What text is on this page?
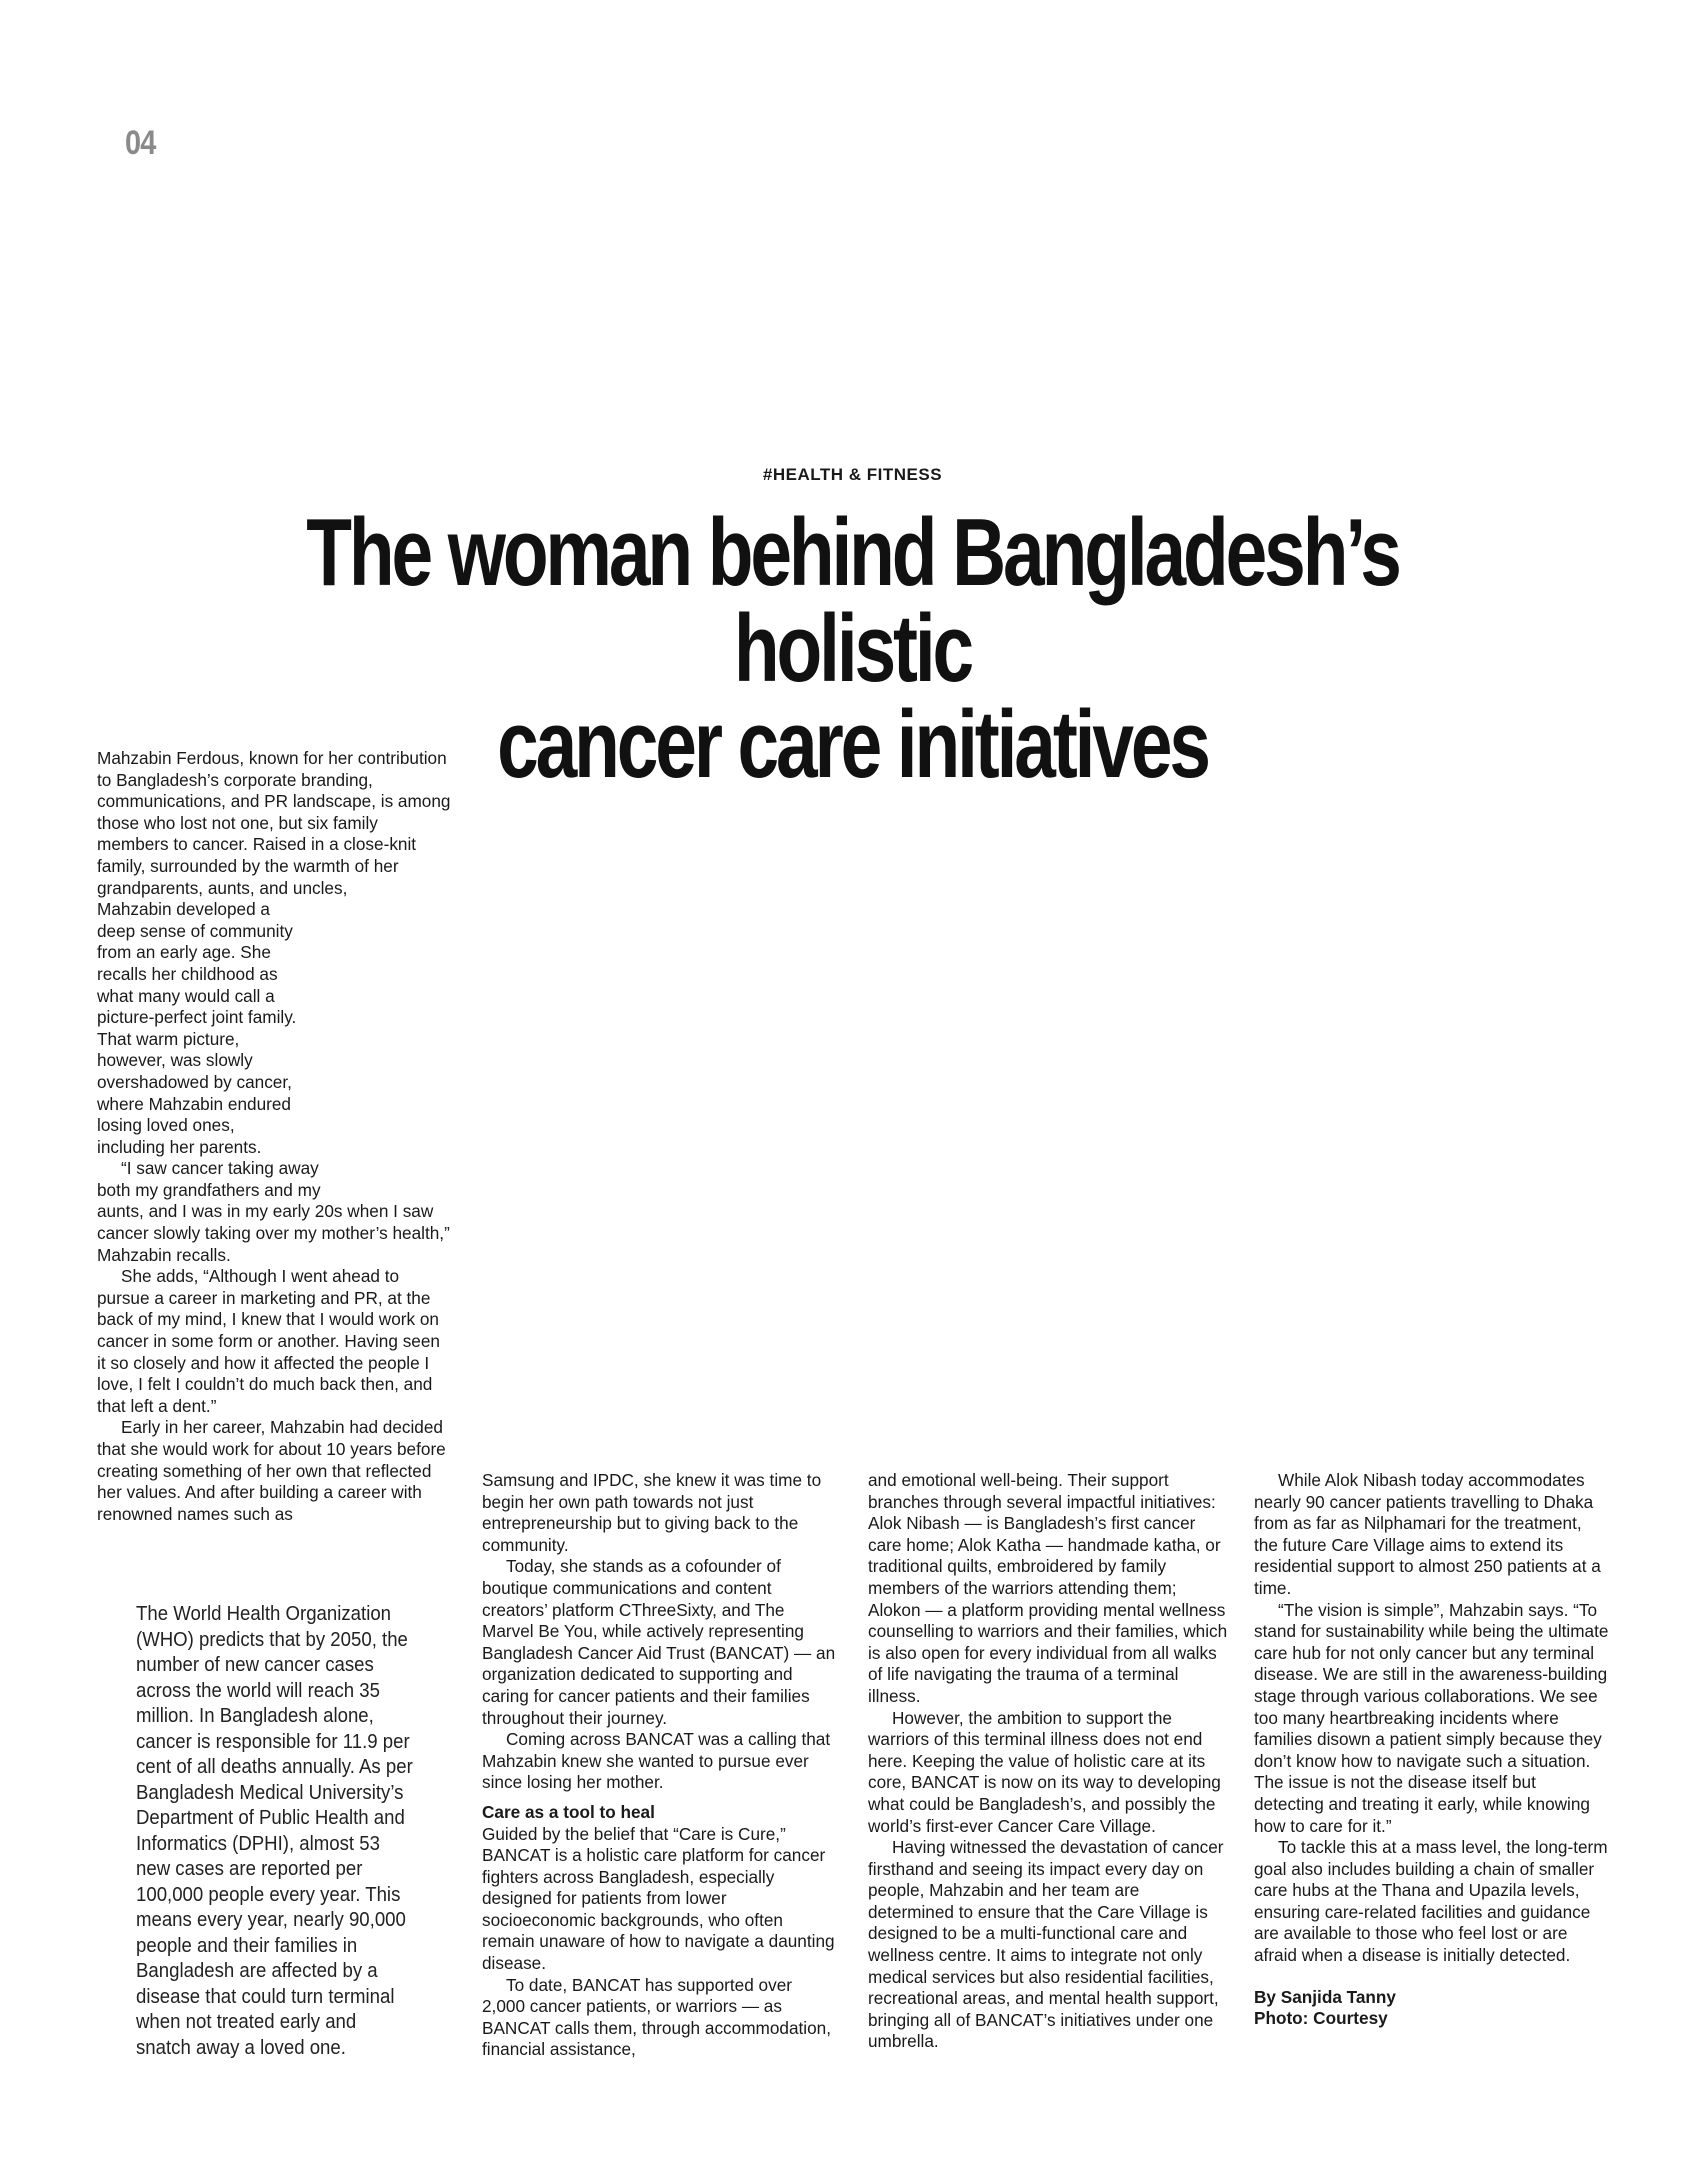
04
#HEALTH & FITNESS
The woman behind Bangladesh’s holistic
cancer care initiatives

Mahzabin Ferdous, known for her contribution to Bangladesh’s corporate branding, communications, and PR landscape, is among those who lost not one, but six family members to cancer. Raised in a close-knit family, surrounded by the warmth of her grandparents, aunts, and uncles,

Mahzabin developed a deep sense of community from an early age. She recalls her childhood as what many would call a picture-perfect joint family. That warm picture, however, was slowly overshadowed by cancer, where Mahzabin endured losing loved ones, including her parents.

“I saw cancer taking away both my grandfathers and my

aunts, and I was in my early 20s when I saw cancer slowly taking over my mother’s health,” Mahzabin recalls.

She adds, “Although I went ahead to pursue a career in marketing and PR, at the back of my mind, I knew that I would work on cancer in some form or another. Having seen it so closely and how it affected the people I love, I felt I couldn’t do much back then, and that left a dent.”

Early in her career, Mahzabin had decided that she would work for about 10 years before creating something of her own that reflected her values. And after building a career with renowned names such as

The World Health Organization (WHO) predicts that by 2050, the number of new cancer cases across the world will reach 35 million. In Bangladesh alone, cancer is responsible for 11.9 per cent of all deaths annually. As per Bangladesh Medical University’s Department of Public Health and Informatics (DPHI), almost 53 new cases are reported per 100,000 people every year. This means every year, nearly 90,000 people and their families in Bangladesh are affected by a disease that could turn terminal when not treated early and snatch away a loved one.

Samsung and IPDC, she knew it was time to begin her own path towards not just entrepreneurship but to giving back to the community.

Today, she stands as a cofounder of boutique communications and content creators’ platform CThreeSixty, and The Marvel Be You, while actively representing Bangladesh Cancer Aid Trust (BANCAT) — an organization dedicated to supporting and caring for cancer patients and their families throughout their journey.

Coming across BANCAT was a calling that Mahzabin knew she wanted to pursue ever since losing her mother.

Care as a tool to heal

Guided by the belief that “Care is Cure,” BANCAT is a holistic care platform for cancer fighters across Bangladesh, especially designed for patients from lower socioeconomic backgrounds, who often remain unaware of how to navigate a daunting disease.

To date, BANCAT has supported over 2,000 cancer patients, or warriors — as BANCAT calls them, through accommodation, financial assistance,

and emotional well-being. Their support branches through several impactful initiatives: Alok Nibash — is Bangladesh’s first cancer care home; Alok Katha — handmade katha, or traditional quilts, embroidered by family members of the warriors attending them; Alokon — a platform providing mental wellness counselling to warriors and their families, which is also open for every individual from all walks of life navigating the trauma of a terminal illness.

However, the ambition to support the warriors of this terminal illness does not end here. Keeping the value of holistic care at its core, BANCAT is now on its way to developing what could be Bangladesh’s, and possibly the world’s first-ever Cancer Care Village.

Having witnessed the devastation of cancer firsthand and seeing its impact every day on people, Mahzabin and her team are determined to ensure that the Care Village is designed to be a multi-functional care and wellness centre. It aims to integrate not only medical services but also residential facilities, recreational areas, and mental health support, bringing all of BANCAT’s initiatives under one umbrella.

While Alok Nibash today accommodates nearly 90 cancer patients travelling to Dhaka from as far as Nilphamari for the treatment, the future Care Village aims to extend its residential support to almost 250 patients at a time.

“The vision is simple”, Mahzabin says. “To stand for sustainability while being the ultimate care hub for not only cancer but any terminal disease. We are still in the awareness-building stage through various collaborations. We see too many heartbreaking incidents where families disown a patient simply because they don’t know how to navigate such a situation. The issue is not the disease itself but detecting and treating it early, while knowing how to care for it.”

To tackle this at a mass level, the long-term goal also includes building a chain of smaller care hubs at the Thana and Upazila levels, ensuring care-related facilities and guidance are available to those who feel lost or are afraid when a disease is initially detected.

By Sanjida Tanny

Photo: Courtesy
